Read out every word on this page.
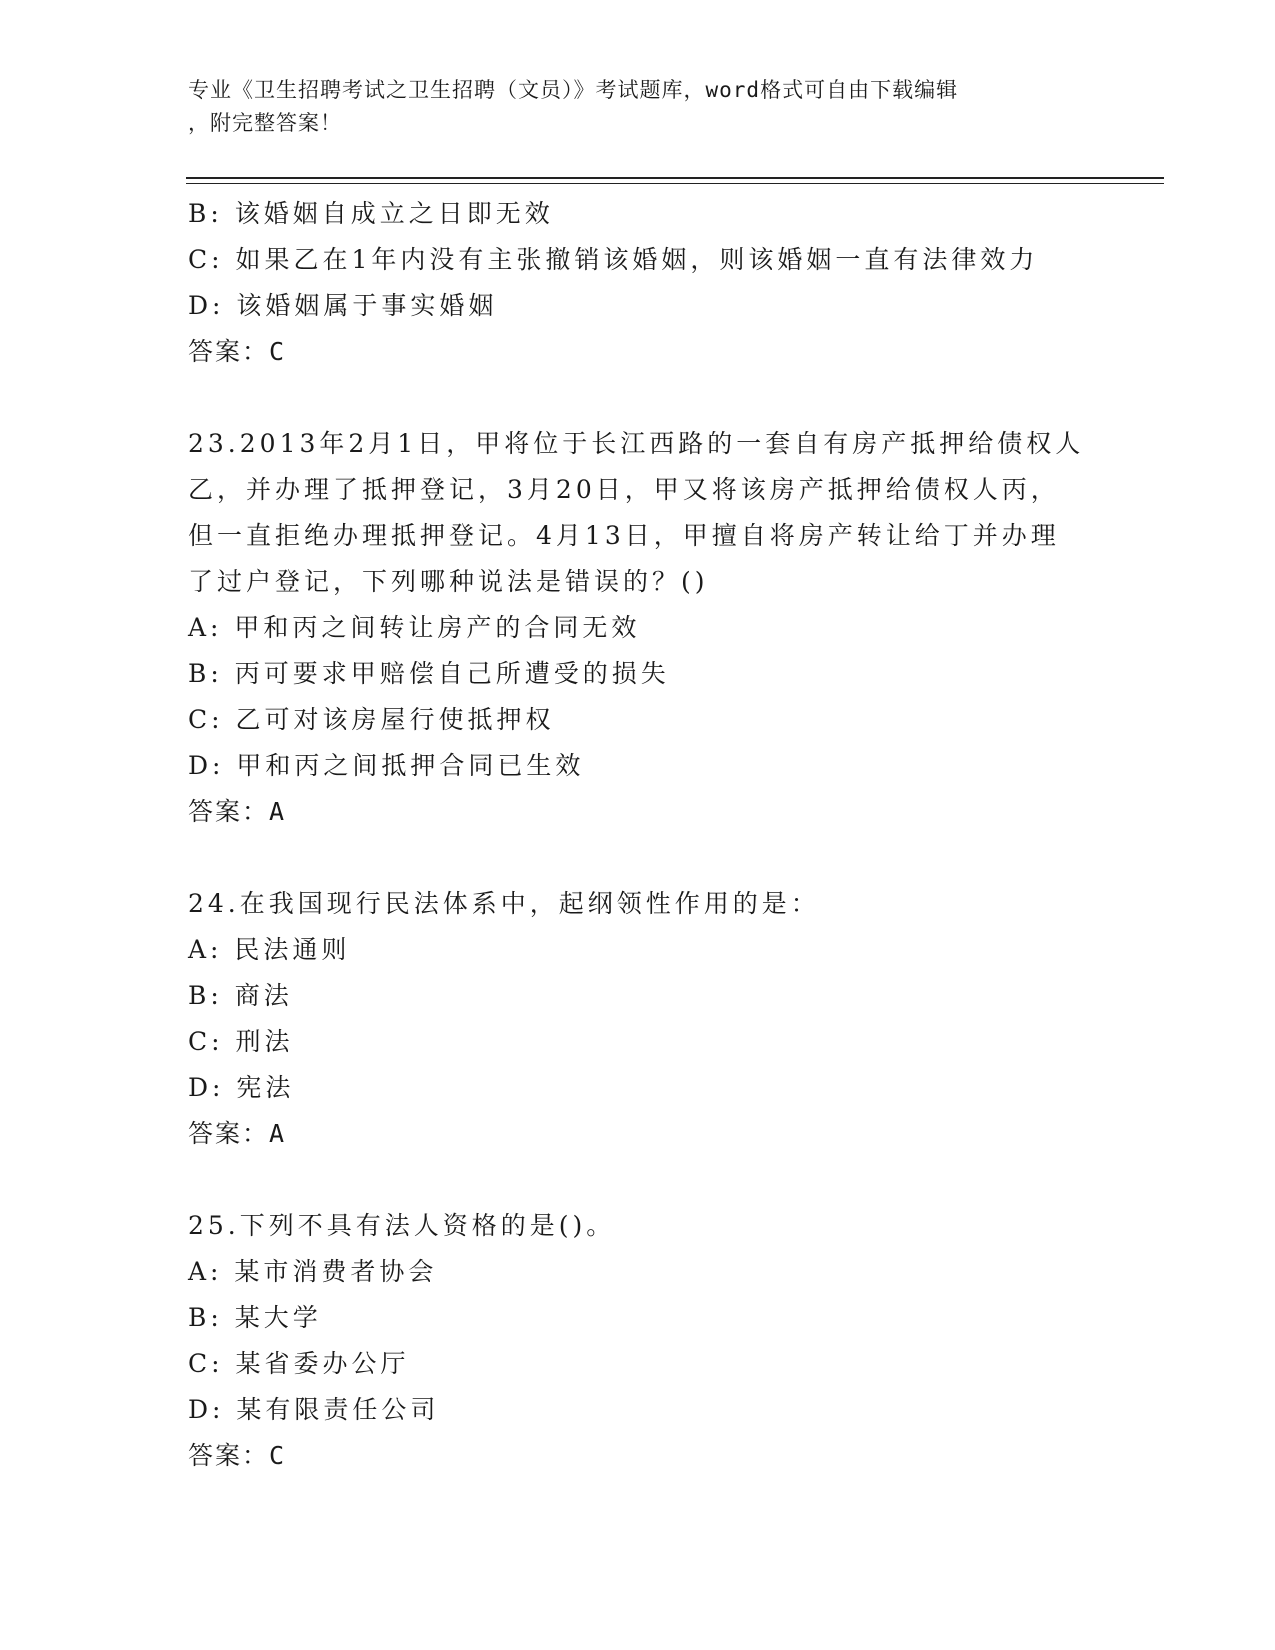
专业《卫生招聘考试之卫生招聘（文员）》考试题库，word格式可自由下载编辑
，附完整答案！
B: 该婚姻自成立之日即无效
C: 如果乙在1年内没有主张撤销该婚姻，则该婚姻一直有法律效力
D: 该婚姻属于事实婚姻
答案：C
23.2013年2月1日，甲将位于长江西路的一套自有房产抵押给债权人
乙，并办理了抵押登记，3月20日，甲又将该房产抵押给债权人丙，
但一直拒绝办理抵押登记。4月13日，甲擅自将房产转让给丁并办理
了过户登记，下列哪种说法是错误的？()
A: 甲和丙之间转让房产的合同无效
B: 丙可要求甲赔偿自己所遭受的损失
C: 乙可对该房屋行使抵押权
D: 甲和丙之间抵押合同已生效
答案：A
24.在我国现行民法体系中，起纲领性作用的是：
A: 民法通则
B: 商法
C: 刑法
D: 宪法
答案：A
25.下列不具有法人资格的是()。
A: 某市消费者协会
B: 某大学
C: 某省委办公厅
D: 某有限责任公司
答案：C
